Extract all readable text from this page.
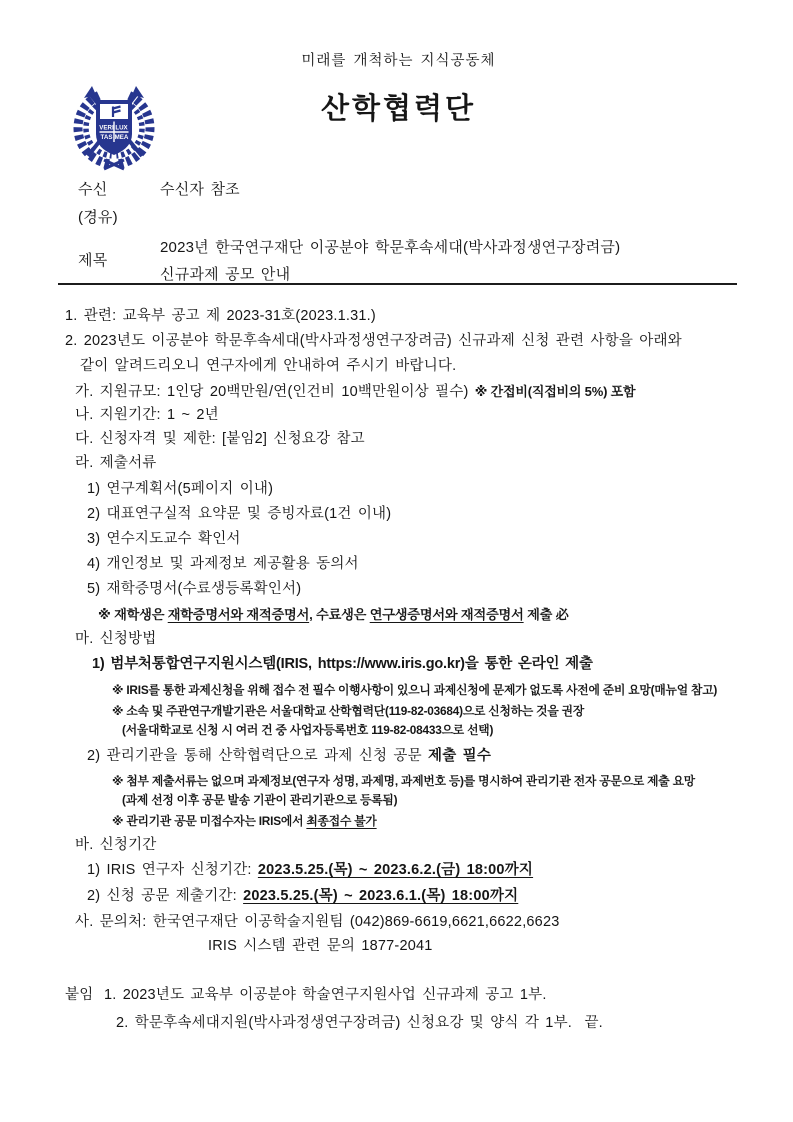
미래를 개척하는 지식공동체
VERI LUX
TAS MEA
산학협력단
수신	수신자 참조
(경유)
제목
2023년 한국연구재단 이공분야 학문후속세대(박사과정생연구장려금)
신규과제 공모 안내
1. 관련: 교육부 공고 제 2023-31호(2023.1.31.)
2. 2023년도 이공분야 학문후속세대(박사과정생연구장려금) 신규과제 신청 관련 사항을 아래와
같이 알려드리오니 연구자에게 안내하여 주시기 바랍니다.
가. 지원규모: 1인당 20백만원/연(인건비 10백만원이상 필수) ※ 간접비(직접비의 5%) 포함
나. 지원기간: 1 ~ 2년
다. 신청자격 및 제한: [붙임2] 신청요강 참고
라. 제출서류
1) 연구계획서(5페이지 이내)
2) 대표연구실적 요약문 및 증빙자료(1건 이내)
3) 연수지도교수 확인서
4) 개인정보 및 과제정보 제공활용 동의서
5) 재학증명서(수료생등록확인서)
※ 재학생은 재학증명서와 재적증명서, 수료생은 연구생증명서와 재적증명서 제출 必
마. 신청방법
1) 범부처통합연구지원시스템(IRIS, https://www.iris.go.kr)을 통한 온라인 제출
※ IRIS를 통한 과제신청을 위해 접수 전 필수 이행사항이 있으니 과제신청에 문제가 없도록 사전에 준비 요망(매뉴얼 참고)
※ 소속 및 주관연구개발기관은 서울대학교 산학협력단(119-82-03684)으로 신청하는 것을 권장
(서울대학교로 신청 시 여러 건 중 사업자등록번호 119-82-08433으로 선택)
2) 관리기관을 통해 산학협력단으로 과제 신청 공문 제출 필수
※ 첨부 제출서류는 없으며 과제정보(연구자 성명, 과제명, 과제번호 등)를 명시하여 관리기관 전자 공문으로 제출 요망
(과제 선정 이후 공문 발송 기관이 관리기관으로 등록됨)
※ 관리기관 공문 미접수자는 IRIS에서 최종접수 불가
바. 신청기간
1) IRIS 연구자 신청기간: 2023.5.25.(목) ~ 2023.6.2.(금) 18:00까지
2) 신청 공문 제출기간: 2023.5.25.(목) ~ 2023.6.1.(목) 18:00까지
사. 문의처: 한국연구재단 이공학술지원팀 (042)869-6619,6621,6622,6623
IRIS 시스템 관련 문의 1877-2041
붙임 1. 2023년도 교육부 이공분야 학술연구지원사업 신규과제 공고 1부.
2. 학문후속세대지원(박사과정생연구장려금) 신청요강 및 양식 각 1부.  끝.
